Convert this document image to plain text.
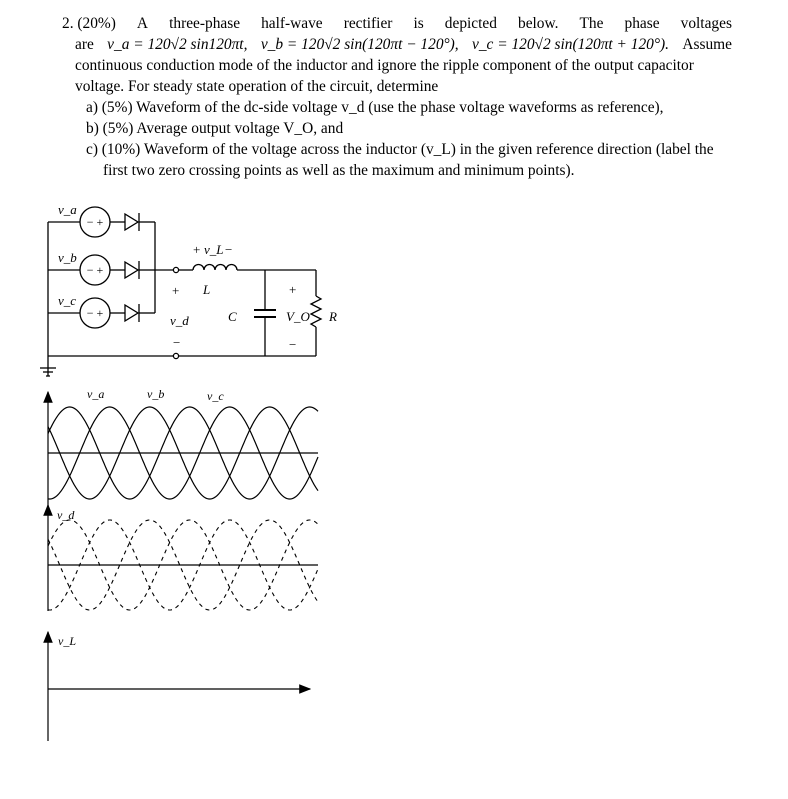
2. (20%) A three-phase half-wave rectifier is depicted below. The phase voltages
are v_a = 120√2 sin120πt, v_b = 120√2 sin(120πt − 120°), v_c = 120√2 sin(120πt + 120°). Assume
continuous conduction mode of the inductor and ignore the ripple component of the output capacitor
voltage. For steady state operation of the circuit, determine
a) (5%) Waveform of the dc-side voltage v_d (use the phase voltage waveforms as reference),
b) (5%) Average output voltage V_O, and
c) (10%) Waveform of the voltage across the inductor (v_L) in the given reference direction (label the
first two zero crossing points as well as the maximum and minimum points).
v_a
v_b
v_c
− +
− +
− +
+ v_L −
L
+
v_d
−
C
+
V_O
−
R
v_a	v_b	v_c
v_d
v_L
